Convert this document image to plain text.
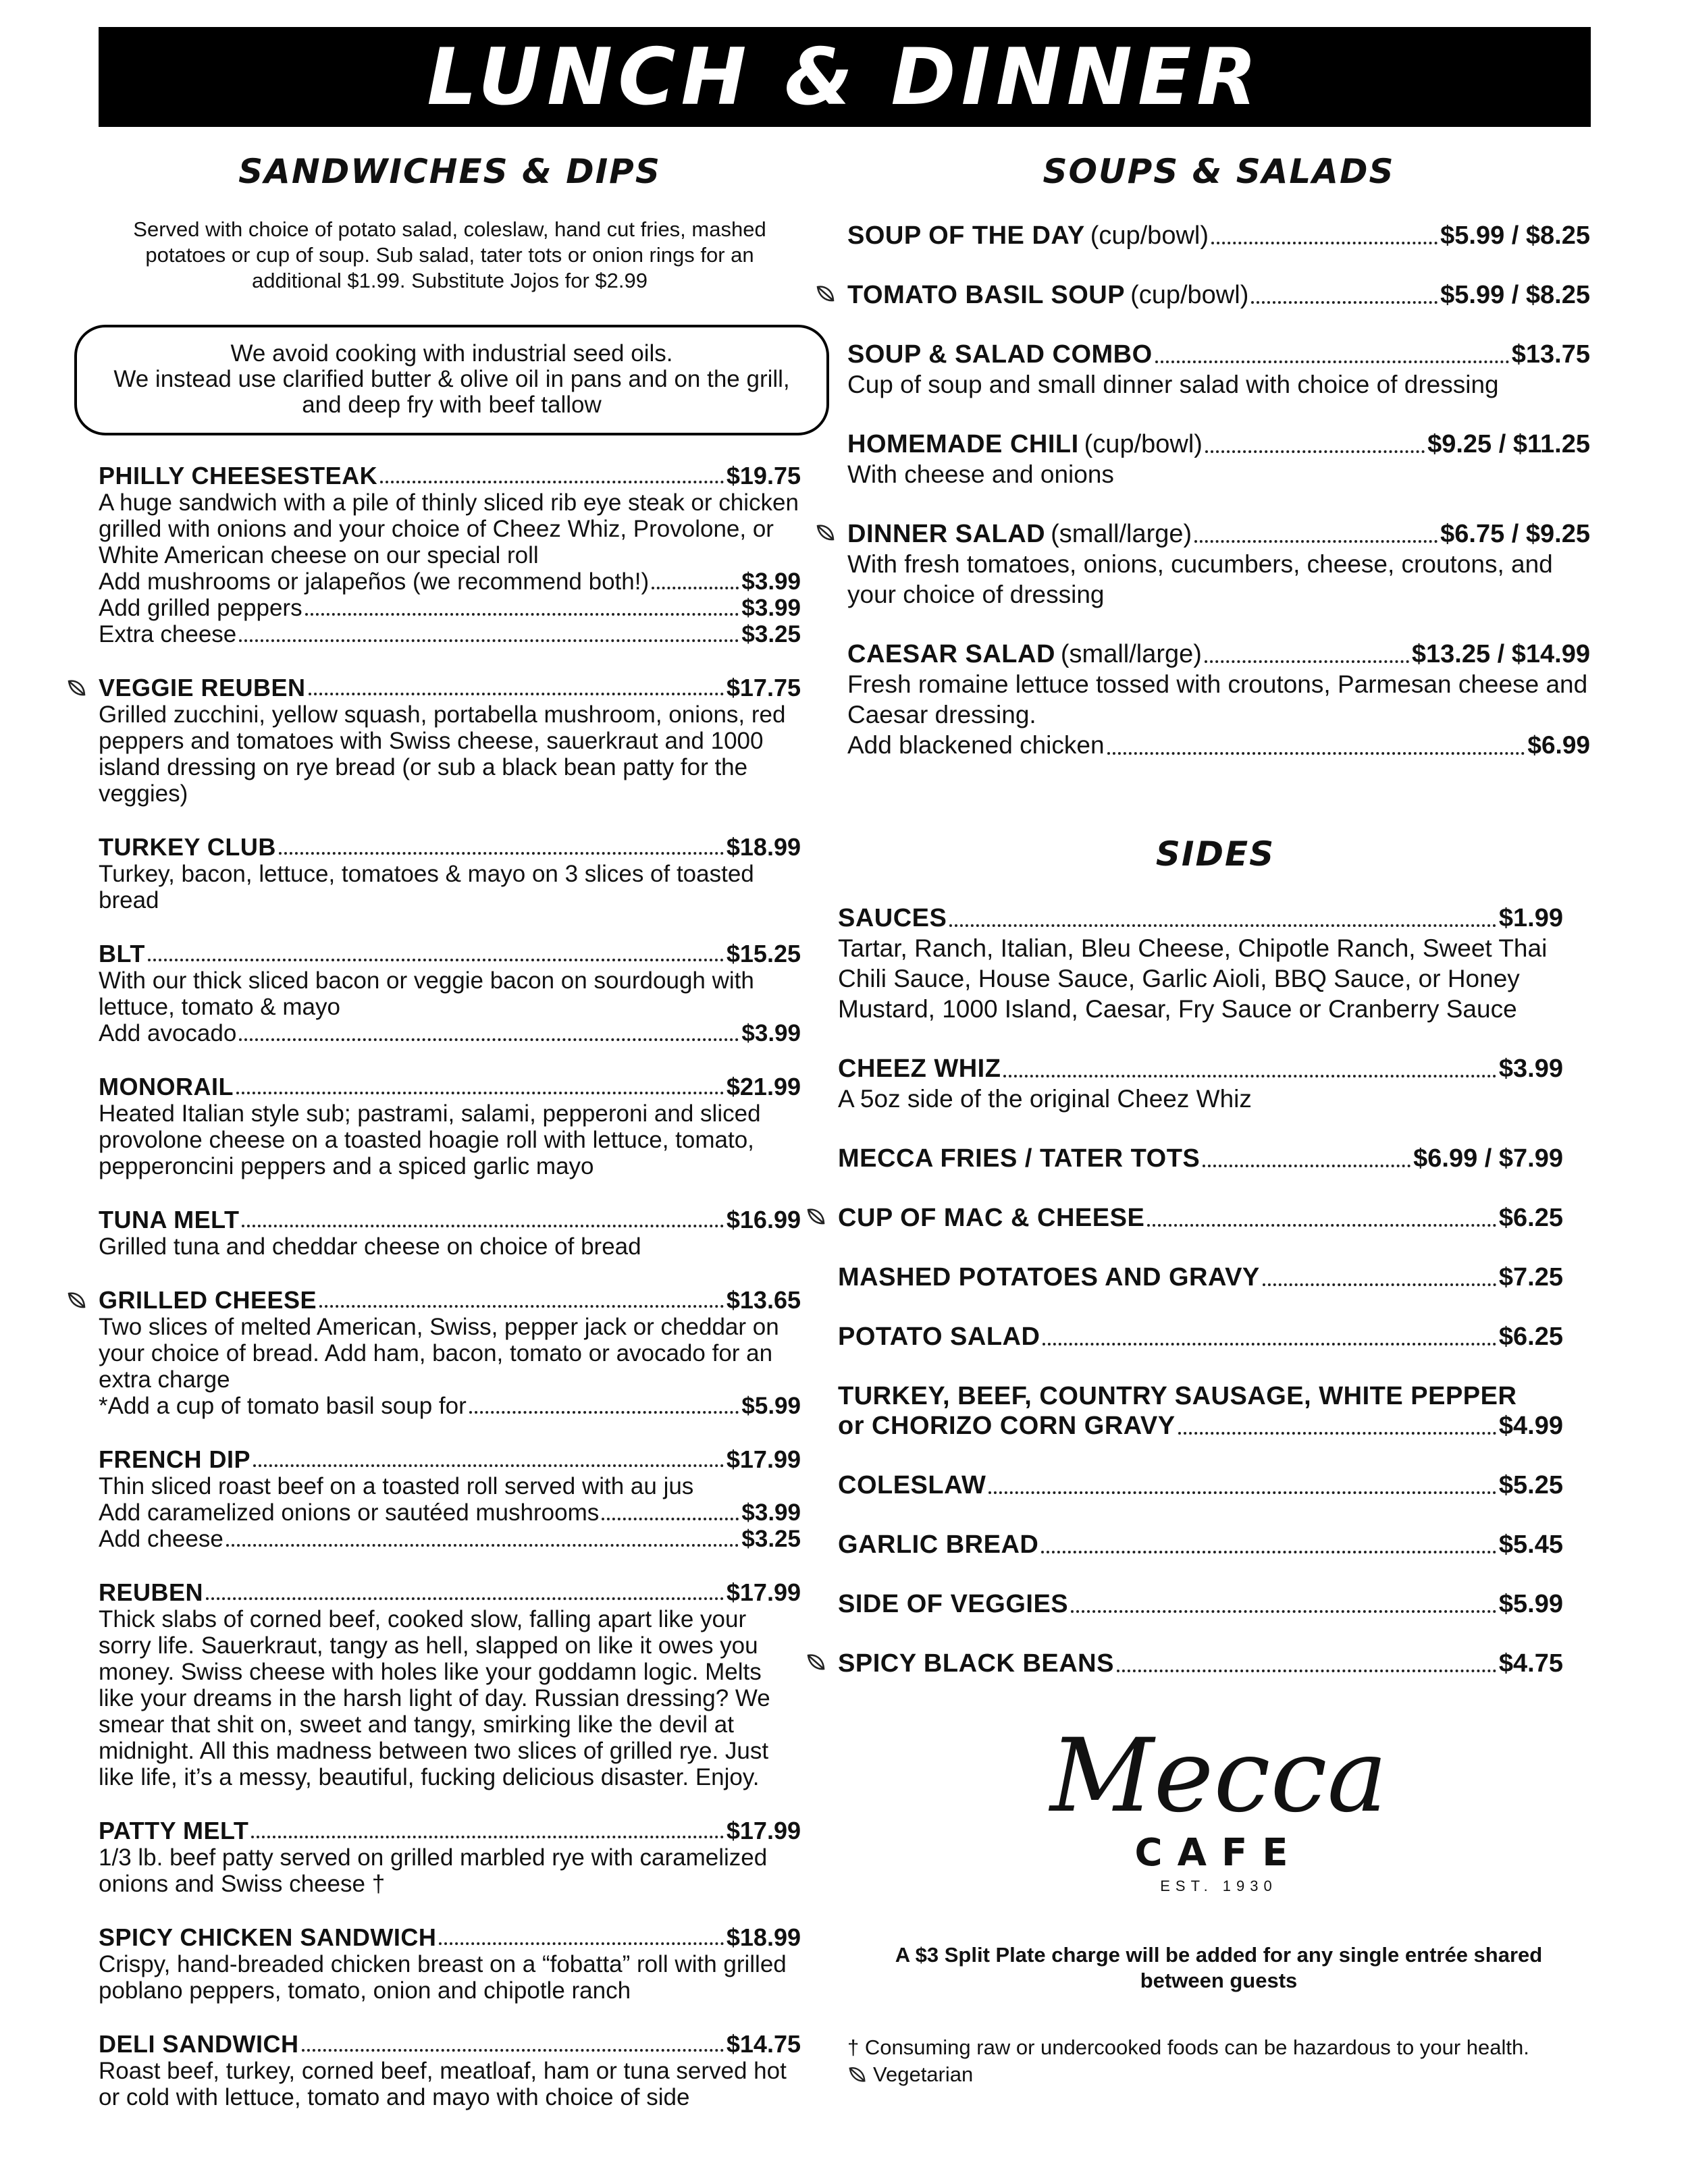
LUNCH & DINNER
SANDWICHES & DIPS
Served with choice of potato salad, coleslaw, hand cut fries, mashed potatoes or cup of soup. Sub salad, tater tots or onion rings for an additional $1.99. Substitute Jojos for $2.99
We avoid cooking with industrial seed oils.
We instead use clarified butter & olive oil in pans and on the grill,
and deep fry with beef tallow
PHILLY CHEESESTEAK	$19.75
A huge sandwich with a pile of thinly sliced rib eye steak or chicken grilled with onions and your choice of Cheez Whiz, Provolone, or White American cheese on our special roll
Add mushrooms or jalapeños (we recommend both!)	$3.99
Add grilled peppers	$3.99
Extra cheese	$3.25
VEGGIE REUBEN	$17.75
Grilled zucchini, yellow squash, portabella mushroom, onions, red peppers and tomatoes with Swiss cheese, sauerkraut and 1000 island dressing on rye bread (or sub a black bean patty for the veggies)
TURKEY CLUB	$18.99
Turkey, bacon, lettuce, tomatoes & mayo on 3 slices of toasted bread
BLT	$15.25
With our thick sliced bacon or veggie bacon on sourdough with lettuce, tomato & mayo
Add avocado	$3.99
MONORAIL	$21.99
Heated Italian style sub; pastrami, salami, pepperoni and sliced provolone cheese on a toasted hoagie roll with lettuce, tomato, pepperoncini peppers and a spiced garlic mayo
TUNA MELT	$16.99
Grilled tuna and cheddar cheese on choice of bread
GRILLED CHEESE	$13.65
Two slices of melted American, Swiss, pepper jack or cheddar on your choice of bread. Add ham, bacon, tomato or avocado for an extra charge
*Add a cup of tomato basil soup for	$5.99
FRENCH DIP	$17.99
Thin sliced roast beef on a toasted roll served with au jus
Add caramelized onions or sautéed mushrooms	$3.99
Add cheese	$3.25
REUBEN	$17.99
Thick slabs of corned beef, cooked slow, falling apart like your sorry life. Sauerkraut, tangy as hell, slapped on like it owes you money. Swiss cheese with holes like your goddamn logic. Melts like your dreams in the harsh light of day. Russian dressing? We smear that shit on, sweet and tangy, smirking like the devil at midnight. All this madness between two slices of grilled rye. Just like life, it’s a messy, beautiful, fucking delicious disaster. Enjoy.
PATTY MELT	$17.99
1/3 lb. beef patty served on grilled marbled rye with caramelized onions and Swiss cheese †
SPICY CHICKEN SANDWICH	$18.99
Crispy, hand-breaded chicken breast on a “fobatta” roll with grilled poblano peppers, tomato, onion and chipotle ranch
DELI SANDWICH	$14.75
Roast beef, turkey, corned beef, meatloaf, ham or tuna served hot or cold with lettuce, tomato and mayo with choice of side
SOUPS & SALADS
SOUP OF THE DAY (cup/bowl)	$5.99 / $8.25
TOMATO BASIL SOUP (cup/bowl)	$5.99 / $8.25
SOUP & SALAD COMBO	$13.75
Cup of soup and small dinner salad with choice of dressing
HOMEMADE CHILI (cup/bowl)	$9.25 / $11.25
With cheese and onions
DINNER SALAD (small/large)	$6.75 / $9.25
With fresh tomatoes, onions, cucumbers, cheese, croutons, and your choice of dressing
CAESAR SALAD (small/large)	$13.25 / $14.99
Fresh romaine lettuce tossed with croutons, Parmesan cheese and Caesar dressing.
Add blackened chicken	$6.99
SIDES
SAUCES	$1.99
Tartar, Ranch, Italian, Bleu Cheese, Chipotle Ranch, Sweet Thai Chili Sauce, House Sauce, Garlic Aioli, BBQ Sauce, or Honey Mustard, 1000 Island, Caesar, Fry Sauce or Cranberry Sauce
CHEEZ WHIZ	$3.99
A 5oz side of the original Cheez Whiz
MECCA FRIES / TATER TOTS	$6.99 / $7.99
CUP OF MAC & CHEESE	$6.25
MASHED POTATOES AND GRAVY	$7.25
POTATO SALAD	$6.25
TURKEY, BEEF, COUNTRY SAUSAGE, WHITE PEPPER
or CHORIZO CORN GRAVY	$4.99
COLESLAW	$5.25
GARLIC BREAD	$5.45
SIDE OF VEGGIES	$5.99
SPICY BLACK BEANS	$4.75
Mecca
CAFE
EST. 1930
A $3 Split Plate charge will be added for any single entrée shared between guests
† Consuming raw or undercooked foods can be hazardous to your health.
Vegetarian
